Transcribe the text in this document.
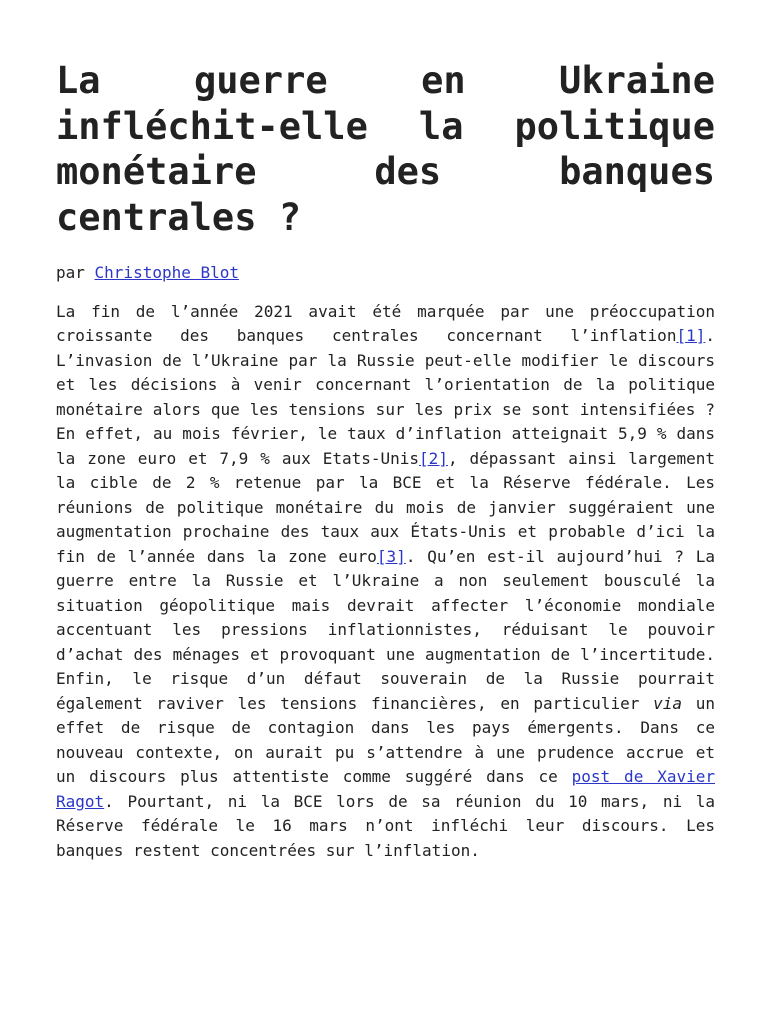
La guerre en Ukraine infléchit-elle la politique monétaire des banques centrales ?
par Christophe Blot

La fin de l’année 2021 avait été marquée par une préoccupation croissante des banques centrales concernant l’inflation[1]. L’invasion de l’Ukraine par la Russie peut-elle modifier le discours et les décisions à venir concernant l’orientation de la politique monétaire alors que les tensions sur les prix se sont intensifiées ? En effet, au mois février, le taux d’inflation atteignait 5,9 % dans la zone euro et 7,9 % aux Etats-Unis[2], dépassant ainsi largement la cible de 2 % retenue par la BCE et la Réserve fédérale. Les réunions de politique monétaire du mois de janvier suggéraient une augmentation prochaine des taux aux États-Unis et probable d’ici la fin de l’année dans la zone euro[3]. Qu’en est-il aujourd’hui ? La guerre entre la Russie et l’Ukraine a non seulement bousculé la situation géopolitique mais devrait affecter l’économie mondiale accentuant les pressions inflationnistes, réduisant le pouvoir d’achat des ménages et provoquant une augmentation de l’incertitude. Enfin, le risque d’un défaut souverain de la Russie pourrait également raviver les tensions financières, en particulier via un effet de risque de contagion dans les pays émergents. Dans ce nouveau contexte, on aurait pu s’attendre à une prudence accrue et un discours plus attentiste comme suggéré dans ce post de Xavier Ragot. Pourtant, ni la BCE lors de sa réunion du 10 mars, ni la Réserve fédérale le 16 mars n’ont infléchi leur discours. Les banques restent concentrées sur l’inflation.
